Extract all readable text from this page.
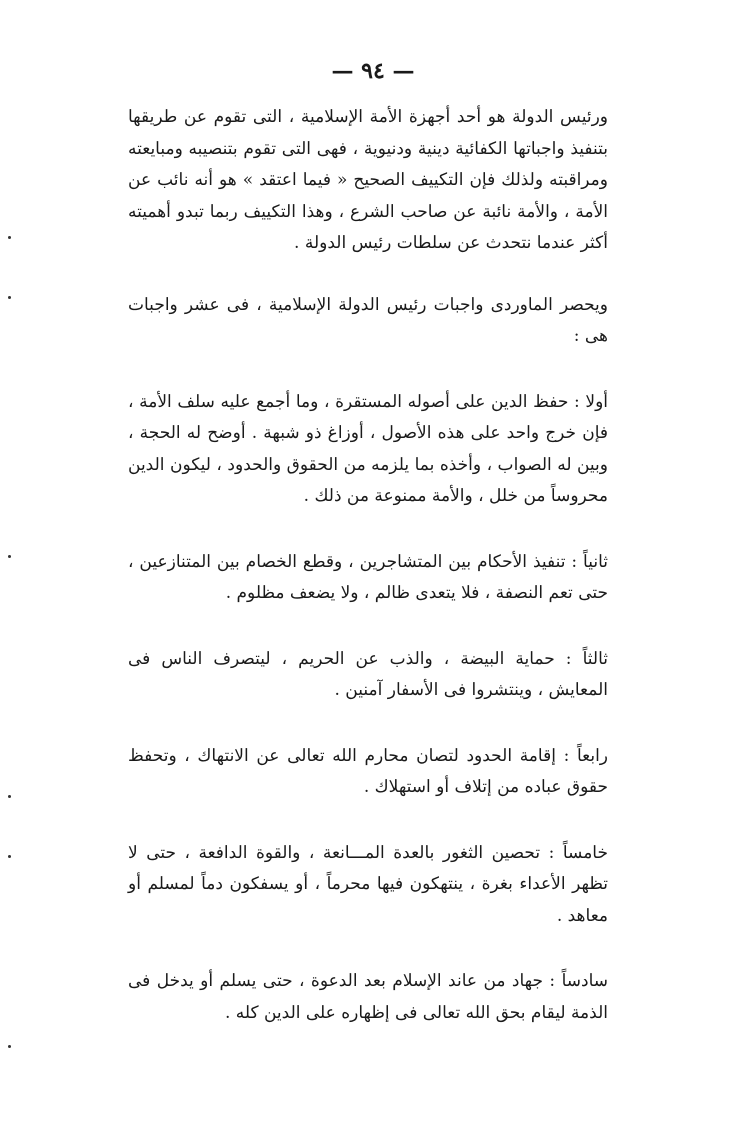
— ٩٤ —

ورئيس الدولة هو أحد أجهزة الأمة الإسلامية ، التى تقوم عن طريقها بتنفيذ واجباتها الكفائية دينية ودنيوية ، فهى التى تقوم بتنصيبه ومبايعته ومراقبته ولذلك فإن التكييف الصحيح « فيما اعتقد » هو أنه نائب عن الأمة ، والأمة نائبة عن صاحب الشرع ، وهذا التكييف ربما تبدو أهميته أكثر عندما نتحدث عن سلطات رئيس الدولة .

ويحصر الماوردى واجبات رئيس الدولة الإسلامية ، فى عشر واجبات هى :

أولا : حفظ الدين على أصوله المستقرة ، وما أجمع عليه سلف الأمة ، فإن خرج واحد على هذه الأصول ، أوزاغ ذو شبهة . أوضح له الحجة ، وبين له الصواب ، وأخذه بما يلزمه من الحقوق والحدود ، ليكون الدين محروساً من خلل ، والأمة ممنوعة من ذلك .

ثانياً : تنفيذ الأحكام بين المتشاجرين ، وقطع الخصام بين المتنازعين ، حتى تعم النصفة ، فلا يتعدى ظالم ، ولا يضعف مظلوم .

ثالثاً : حماية البيضة ، والذب عن الحريم ، ليتصرف الناس فى المعايش ، وينتشروا فى الأسفار آمنين .

رابعاً : إقامة الحدود لتصان محارم الله تعالى عن الانتهاك ، وتحفظ حقوق عباده من إتلاف أو استهلاك .

خامساً : تحصين الثغور بالعدة المـــانعة ، والقوة الدافعة ، حتى لا تظهر الأعداء بغرة ، ينتهكون فيها محرماً ، أو يسفكون دماً لمسلم أو معاهد .

سادساً : جهاد من عاند الإسلام بعد الدعوة ، حتى يسلم أو يدخل فى الذمة ليقام بحق الله تعالى فى إظهاره على الدين كله .
